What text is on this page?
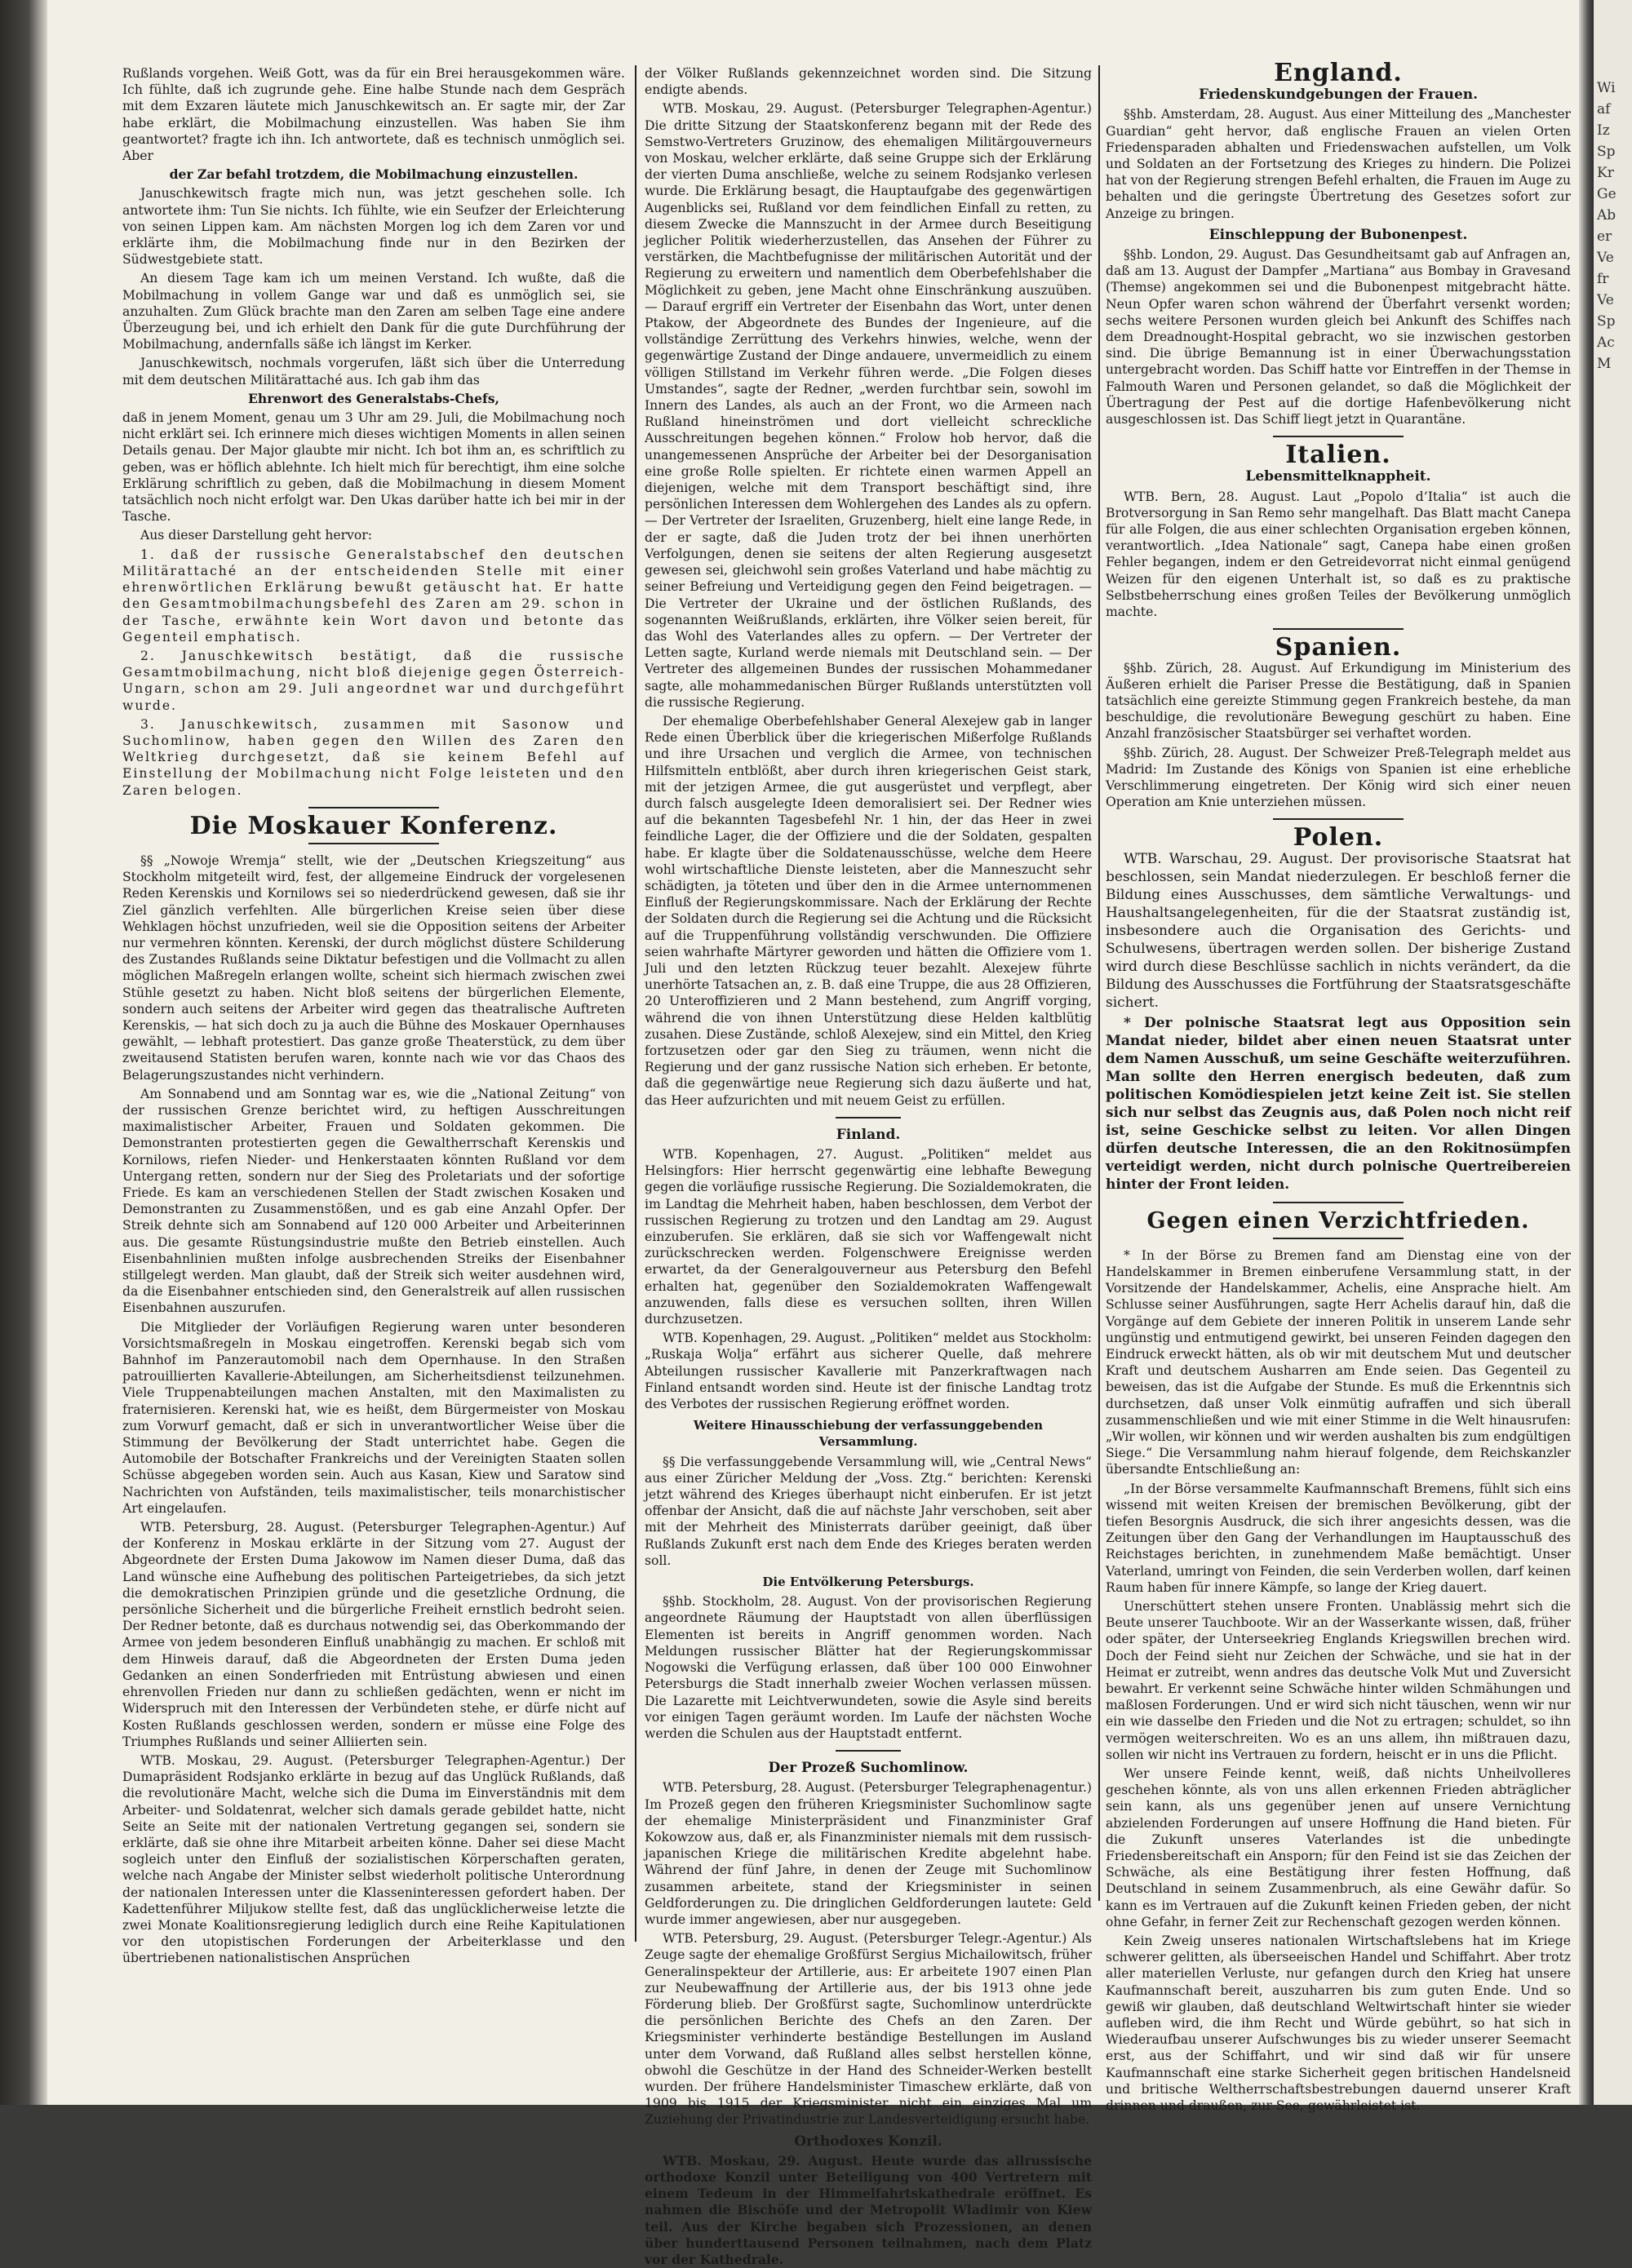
Rußlands vorgehen. Weiß Gott, was da für ein Brei herausgekommen wäre. Ich fühlte, daß ich zugrunde gehe. Eine halbe Stunde nach dem Gespräch mit dem Exzaren läutete mich Januschkewitsch an. Er sagte mir, der Zar habe erklärt, die Mobilmachung einzustellen. Was haben Sie ihm geantwortet? fragte ich ihn. Ich antwortete, daß es technisch unmöglich sei. Aber

der Zar befahl trotzdem, die Mobilmachung einzustellen.

Januschkewitsch fragte mich nun, was jetzt geschehen solle. Ich antwortete ihm: Tun Sie nichts. Ich fühlte, wie ein Seufzer der Erleichterung von seinen Lippen kam. Am nächsten Morgen log ich dem Zaren vor und erklärte ihm, die Mobilmachung finde nur in den Bezirken der Südwestgebiete statt.

An diesem Tage kam ich um meinen Verstand. Ich wußte, daß die Mobilmachung in vollem Gange war und daß es unmöglich sei, sie anzuhalten. Zum Glück brachte man den Zaren am selben Tage eine andere Überzeugung bei, und ich erhielt den Dank für die gute Durchführung der Mobilmachung, andernfalls säße ich längst im Kerker.

Januschkewitsch, nochmals vorgerufen, läßt sich über die Unterredung mit dem deutschen Militärattaché aus. Ich gab ihm das

Ehrenwort des Generalstabs-Chefs,

daß in jenem Moment, genau um 3 Uhr am 29. Juli, die Mobilmachung noch nicht erklärt sei. Ich erinnere mich dieses wichtigen Moments in allen seinen Details genau. Der Major glaubte mir nicht. Ich bot ihm an, es schriftlich zu geben, was er höflich ablehnte. Ich hielt mich für berechtigt, ihm eine solche Erklärung schriftlich zu geben, daß die Mobilmachung in diesem Moment tatsächlich noch nicht erfolgt war. Den Ukas darüber hatte ich bei mir in der Tasche.

Aus dieser Darstellung geht hervor:

1. daß der russische Generalstabschef den deutschen Militärattaché an der entscheidenden Stelle mit einer ehrenwörtlichen Erklärung bewußt getäuscht hat. Er hatte den Gesamtmobilmachungsbefehl des Zaren am 29. schon in der Tasche, erwähnte kein Wort davon und betonte das Gegenteil emphatisch.

2. Januschkewitsch bestätigt, daß die russische Gesamtmobilmachung, nicht bloß diejenige gegen Österreich-Ungarn, schon am 29. Juli angeordnet war und durchgeführt wurde.

3. Januschkewitsch, zusammen mit Sasonow und Suchomlinow, haben gegen den Willen des Zaren den Weltkrieg durchgesetzt, daß sie keinem Befehl auf Einstellung der Mobilmachung nicht Folge leisteten und den Zaren belogen.

Die Moskauer Konferenz.

§§ „Nowoje Wremja“ stellt, wie der „Deutschen Kriegszeitung“ aus Stockholm mitgeteilt wird, fest, der allgemeine Eindruck der vorgelesenen Reden Kerenskis und Kornilows sei so niederdrückend gewesen, daß sie ihr Ziel gänzlich verfehlten. Alle bürgerlichen Kreise seien über diese Wehklagen höchst unzufrieden, weil sie die Opposition seitens der Arbeiter nur vermehren könnten. Kerenski, der durch möglichst düstere Schilderung des Zustandes Rußlands seine Diktatur befestigen und die Vollmacht zu allen möglichen Maßregeln erlangen wollte, scheint sich hiermach zwischen zwei Stühle gesetzt zu haben. Nicht bloß seitens der bürgerlichen Elemente, sondern auch seitens der Arbeiter wird gegen das theatralische Auftreten Kerenskis, — hat sich doch zu ja auch die Bühne des Moskauer Opernhauses gewählt, — lebhaft protestiert. Das ganze große Theaterstück, zu dem über zweitausend Statisten berufen waren, konnte nach wie vor das Chaos des Belagerungszustandes nicht verhindern.

Am Sonnabend und am Sonntag war es, wie die „National Zeitung“ von der russischen Grenze berichtet wird, zu heftigen Ausschreitungen maximalistischer Arbeiter, Frauen und Soldaten gekommen. Die Demonstranten protestierten gegen die Gewaltherrschaft Kerenskis und Kornilows, riefen Nieder- und Henkerstaaten könnten Rußland vor dem Untergang retten, sondern nur der Sieg des Proletariats und der sofortige Friede. Es kam an verschiedenen Stellen der Stadt zwischen Kosaken und Demonstranten zu Zusammenstößen, und es gab eine Anzahl Opfer. Der Streik dehnte sich am Sonnabend auf 120 000 Arbeiter und Arbeiterinnen aus. Die gesamte Rüstungsindustrie mußte den Betrieb einstellen. Auch Eisenbahnlinien mußten infolge ausbrechenden Streiks der Eisenbahner stillgelegt werden. Man glaubt, daß der Streik sich weiter ausdehnen wird, da die Eisenbahner entschieden sind, den Generalstreik auf allen russischen Eisenbahnen auszurufen.

Die Mitglieder der Vorläufigen Regierung waren unter besonderen Vorsichtsmaßregeln in Moskau eingetroffen. Kerenski begab sich vom Bahnhof im Panzerautomobil nach dem Opernhause. In den Straßen patrouillierten Kavallerie-Abteilungen, am Sicherheitsdienst teilzunehmen. Viele Truppenabteilungen machen Anstalten, mit den Maximalisten zu fraternisieren. Kerenski hat, wie es heißt, dem Bürgermeister von Moskau zum Vorwurf gemacht, daß er sich in unverantwortlicher Weise über die Stimmung der Bevölkerung der Stadt unterrichtet habe. Gegen die Automobile der Botschafter Frankreichs und der Vereinigten Staaten sollen Schüsse abgegeben worden sein. Auch aus Kasan, Kiew und Saratow sind Nachrichten von Aufständen, teils maximalistischer, teils monarchistischer Art eingelaufen.

WTB. Petersburg, 28. August. (Petersburger Telegraphen-Agentur.) Auf der Konferenz in Moskau erklärte in der Sitzung vom 27. August der Abgeordnete der Ersten Duma Jakowow im Namen dieser Duma, daß das Land wünsche eine Aufhebung des politischen Parteigetriebes, da sich jetzt die demokratischen Prinzipien gründe und die gesetzliche Ordnung, die persönliche Sicherheit und die bürgerliche Freiheit ernstlich bedroht seien. Der Redner betonte, daß es durchaus notwendig sei, das Oberkommando der Armee von jedem besonderen Einfluß unabhängig zu machen. Er schloß mit dem Hinweis darauf, daß die Abgeordneten der Ersten Duma jeden Gedanken an einen Sonderfrieden mit Entrüstung abwiesen und einen ehrenvollen Frieden nur dann zu schließen gedächten, wenn er nicht im Widerspruch mit den Interessen der Verbündeten stehe, er dürfe nicht auf Kosten Rußlands geschlossen werden, sondern er müsse eine Folge des Triumphes Rußlands und seiner Alliierten sein.

WTB. Moskau, 29. August. (Petersburger Telegraphen-Agentur.) Der Dumapräsident Rodsjanko erklärte in bezug auf das Unglück Rußlands, daß die revolutionäre Macht, welche sich die Duma im Einverständnis mit dem Arbeiter- und Soldatenrat, welcher sich damals gerade gebildet hatte, nicht Seite an Seite mit der nationalen Vertretung gegangen sei, sondern sie erklärte, daß sie ohne ihre Mitarbeit arbeiten könne. Daher sei diese Macht sogleich unter den Einfluß der sozialistischen Körperschaften geraten, welche nach Angabe der Minister selbst wiederholt politische Unterordnung der nationalen Interessen unter die Klasseninteressen gefordert haben. Der Kadettenführer Miljukow stellte fest, daß das unglücklicherweise letzte die zwei Monate Koalitionsregierung lediglich durch eine Reihe Kapitulationen vor den utopistischen Forderungen der Arbeiterklasse und den übertriebenen nationalistischen Ansprüchen

der Völker Rußlands gekennzeichnet worden sind. Die Sitzung endigte abends.

WTB. Moskau, 29. August. (Petersburger Telegraphen-Agentur.) Die dritte Sitzung der Staatskonferenz begann mit der Rede des Semstwo-Vertreters Gruzinow, des ehemaligen Militärgouverneurs von Moskau, welcher erklärte, daß seine Gruppe sich der Erklärung der vierten Duma anschließe, welche zu seinem Rodsjanko verlesen wurde. Die Erklärung besagt, die Hauptaufgabe des gegenwärtigen Augenblicks sei, Rußland vor dem feindlichen Einfall zu retten, zu diesem Zwecke die Mannszucht in der Armee durch Beseitigung jeglicher Politik wiederherzustellen, das Ansehen der Führer zu verstärken, die Machtbefugnisse der militärischen Autorität und der Regierung zu erweitern und namentlich dem Oberbefehlshaber die Möglichkeit zu geben, jene Macht ohne Einschränkung auszuüben. — Darauf ergriff ein Vertreter der Eisenbahn das Wort, unter denen Ptakow, der Abgeordnete des Bundes der Ingenieure, auf die vollständige Zerrüttung des Verkehrs hinwies, welche, wenn der gegenwärtige Zustand der Dinge andauere, unvermeidlich zu einem völligen Stillstand im Verkehr führen werde. „Die Folgen dieses Umstandes“, sagte der Redner, „werden furchtbar sein, sowohl im Innern des Landes, als auch an der Front, wo die Armeen nach Rußland hineinströmen und dort vielleicht schreckliche Ausschreitungen begehen können.“ Frolow hob hervor, daß die unangemessenen Ansprüche der Arbeiter bei der Desorganisation eine große Rolle spielten. Er richtete einen warmen Appell an diejenigen, welche mit dem Transport beschäftigt sind, ihre persönlichen Interessen dem Wohlergehen des Landes als zu opfern. — Der Vertreter der Israeliten, Gruzenberg, hielt eine lange Rede, in der er sagte, daß die Juden trotz der bei ihnen unerhörten Verfolgungen, denen sie seitens der alten Regierung ausgesetzt gewesen sei, gleichwohl sein großes Vaterland und habe mächtig zu seiner Befreiung und Verteidigung gegen den Feind beigetragen. — Die Vertreter der Ukraine und der östlichen Rußlands, des sogenannten Weißrußlands, erklärten, ihre Völker seien bereit, für das Wohl des Vaterlandes alles zu opfern. — Der Vertreter der Letten sagte, Kurland werde niemals mit Deutschland sein. — Der Vertreter des allgemeinen Bundes der russischen Mohammedaner sagte, alle mohammedanischen Bürger Rußlands unterstützten voll die russische Regierung.

Der ehemalige Oberbefehlshaber General Alexejew gab in langer Rede einen Überblick über die kriegerischen Mißerfolge Rußlands und ihre Ursachen und verglich die Armee, von technischen Hilfsmitteln entblößt, aber durch ihren kriegerischen Geist stark, mit der jetzigen Armee, die gut ausgerüstet und verpflegt, aber durch falsch ausgelegte Ideen demoralisiert sei. Der Redner wies auf die bekannten Tagesbefehl Nr. 1 hin, der das Heer in zwei feindliche Lager, die der Offiziere und die der Soldaten, gespalten habe. Er klagte über die Soldatenausschüsse, welche dem Heere wohl wirtschaftliche Dienste leisteten, aber die Manneszucht sehr schädigten, ja töteten und über den in die Armee unternommenen Einfluß der Regierungskommissare. Nach der Erklärung der Rechte der Soldaten durch die Regierung sei die Achtung und die Rücksicht auf die Truppenführung vollständig verschwunden. Die Offiziere seien wahrhafte Märtyrer geworden und hätten die Offiziere vom 1. Juli und den letzten Rückzug teuer bezahlt. Alexejew führte unerhörte Tatsachen an, z. B. daß eine Truppe, die aus 28 Offizieren, 20 Unteroffizieren und 2 Mann bestehend, zum Angriff vorging, während die von ihnen Unterstützung diese Helden kaltblütig zusahen. Diese Zustände, schloß Alexejew, sind ein Mittel, den Krieg fortzusetzen oder gar den Sieg zu träumen, wenn nicht die Regierung und der ganz russische Nation sich erheben. Er betonte, daß die gegenwärtige neue Regierung sich dazu äußerte und hat, das Heer aufzurichten und mit neuem Geist zu erfüllen.

Finland.

WTB. Kopenhagen, 27. August. „Politiken“ meldet aus Helsingfors: Hier herrscht gegenwärtig eine lebhafte Bewegung gegen die vorläufige russische Regierung. Die Sozialdemokraten, die im Landtag die Mehrheit haben, haben beschlossen, dem Verbot der russischen Regierung zu trotzen und den Landtag am 29. August einzuberufen. Sie erklären, daß sie sich vor Waffengewalt nicht zurückschrecken werden. Folgenschwere Ereignisse werden erwartet, da der Generalgouverneur aus Petersburg den Befehl erhalten hat, gegenüber den Sozialdemokraten Waffengewalt anzuwenden, falls diese es versuchen sollten, ihren Willen durchzusetzen.

WTB. Kopenhagen, 29. August. „Politiken“ meldet aus Stockholm: „Ruskaja Wolja“ erfährt aus sicherer Quelle, daß mehrere Abteilungen russischer Kavallerie mit Panzerkraftwagen nach Finland entsandt worden sind. Heute ist der finische Landtag trotz des Verbotes der russischen Regierung eröffnet worden.

Weitere Hinausschiebung der verfassunggebenden Versammlung.

§§ Die verfassunggebende Versammlung will, wie „Central News“ aus einer Züricher Meldung der „Voss. Ztg.“ berichten: Kerenski jetzt während des Krieges überhaupt nicht einberufen. Er ist jetzt offenbar der Ansicht, daß die auf nächste Jahr verschoben, seit aber mit der Mehrheit des Ministerrats darüber geeinigt, daß über Rußlands Zukunft erst nach dem Ende des Krieges beraten werden soll.

Die Entvölkerung Petersburgs.

§§hb. Stockholm, 28. August. Von der provisorischen Regierung angeordnete Räumung der Hauptstadt von allen überflüssigen Elementen ist bereits in Angriff genommen worden. Nach Meldungen russischer Blätter hat der Regierungskommissar Nogowski die Verfügung erlassen, daß über 100 000 Einwohner Petersburgs die Stadt innerhalb zweier Wochen verlassen müssen. Die Lazarette mit Leichtverwundeten, sowie die Asyle sind bereits vor einigen Tagen geräumt worden. Im Laufe der nächsten Woche werden die Schulen aus der Hauptstadt entfernt.

Der Prozeß Suchomlinow.

WTB. Petersburg, 28. August. (Petersburger Telegraphenagentur.) Im Prozeß gegen den früheren Kriegsminister Suchomlinow sagte der ehemalige Ministerpräsident und Finanzminister Graf Kokowzow aus, daß er, als Finanzminister niemals mit dem russisch-japanischen Kriege die militärischen Kredite abgelehnt habe. Während der fünf Jahre, in denen der Zeuge mit Suchomlinow zusammen arbeitete, stand der Kriegsminister in seinen Geldforderungen zu. Die dringlichen Geldforderungen lautete: Geld wurde immer angewiesen, aber nur ausgegeben.

WTB. Petersburg, 29. August. (Petersburger Telegr.-Agentur.) Als Zeuge sagte der ehemalige Großfürst Sergius Michailowitsch, früher Generalinspekteur der Artillerie, aus: Er arbeitete 1907 einen Plan zur Neubewaffnung der Artillerie aus, der bis 1913 ohne jede Förderung blieb. Der Großfürst sagte, Suchomlinow unterdrückte die persönlichen Berichte des Chefs an den Zaren. Der Kriegsminister verhinderte beständige Bestellungen im Ausland unter dem Vorwand, daß Rußland alles selbst herstellen könne, obwohl die Geschütze in der Hand des Schneider-Werken bestellt wurden. Der frühere Handelsminister Timaschew erklärte, daß von 1909 bis 1915 der Kriegsminister nicht ein einziges Mal um Zuziehung der Privatindustrie zur Landesverteidigung ersucht habe.

Orthodoxes Konzil.

WTB. Moskau, 29. August. Heute wurde das allrussische orthodoxe Konzil unter Beteiligung von 400 Vertretern mit einem Tedeum in der Himmelfahrtskathedrale eröffnet. Es nahmen die Bischöfe und der Metropolit Wladimir von Kiew teil. Aus der Kirche begaben sich Prozessionen, an denen über hunderttausend Personen teilnahmen, nach dem Platz vor der Kathedrale.

England.
Friedenskundgebungen der Frauen.

§§hb. Amsterdam, 28. August. Aus einer Mitteilung des „Manchester Guardian“ geht hervor, daß englische Frauen an vielen Orten Friedensparaden abhalten und Friedenswachen aufstellen, um Volk und Soldaten an der Fortsetzung des Krieges zu hindern. Die Polizei hat von der Regierung strengen Befehl erhalten, die Frauen im Auge zu behalten und die geringste Übertretung des Gesetzes sofort zur Anzeige zu bringen.

Einschleppung der Bubonenpest.

§§hb. London, 29. August. Das Gesundheitsamt gab auf Anfragen an, daß am 13. August der Dampfer „Martiana“ aus Bombay in Gravesand (Themse) angekommen sei und die Bubonenpest mitgebracht hätte. Neun Opfer waren schon während der Überfahrt versenkt worden; sechs weitere Personen wurden gleich bei Ankunft des Schiffes nach dem Dreadnought-Hospital gebracht, wo sie inzwischen gestorben sind. Die übrige Bemannung ist in einer Überwachungsstation untergebracht worden. Das Schiff hatte vor Eintreffen in der Themse in Falmouth Waren und Personen gelandet, so daß die Möglichkeit der Übertragung der Pest auf die dortige Hafenbevölkerung nicht ausgeschlossen ist. Das Schiff liegt jetzt in Quarantäne.

Italien.
Lebensmittelknappheit.

WTB. Bern, 28. August. Laut „Popolo d’Italia“ ist auch die Brotversorgung in San Remo sehr mangelhaft. Das Blatt macht Canepa für alle Folgen, die aus einer schlechten Organisation ergeben können, verantwortlich. „Idea Nationale“ sagt, Canepa habe einen großen Fehler begangen, indem er den Getreidevorrat nicht einmal genügend Weizen für den eigenen Unterhalt ist, so daß es zu praktische Selbstbeherrschung eines großen Teiles der Bevölkerung unmöglich machte.

Spanien.

§§hb. Zürich, 28. August. Auf Erkundigung im Ministerium des Äußeren erhielt die Pariser Presse die Bestätigung, daß in Spanien tatsächlich eine gereizte Stimmung gegen Frankreich bestehe, da man beschuldige, die revolutionäre Bewegung geschürt zu haben. Eine Anzahl französischer Staatsbürger sei verhaftet worden.

§§hb. Zürich, 28. August. Der Schweizer Preß-Telegraph meldet aus Madrid: Im Zustande des Königs von Spanien ist eine erhebliche Verschlimmerung eingetreten. Der König wird sich einer neuen Operation am Knie unterziehen müssen.

Polen.

WTB. Warschau, 29. August. Der provisorische Staatsrat hat beschlossen, sein Mandat niederzulegen. Er beschloß ferner die Bildung eines Ausschusses, dem sämtliche Verwaltungs- und Haushaltsangelegenheiten, für die der Staatsrat zuständig ist, insbesondere auch die Organisation des Gerichts- und Schulwesens, übertragen werden sollen. Der bisherige Zustand wird durch diese Beschlüsse sachlich in nichts verändert, da die Bildung des Ausschusses die Fortführung der Staatsratsgeschäfte sichert.

* Der polnische Staatsrat legt aus Opposition sein Mandat nieder, bildet aber einen neuen Staatsrat unter dem Namen Ausschuß, um seine Geschäfte weiterzuführen. Man sollte den Herren energisch bedeuten, daß zum politischen Komödiespielen jetzt keine Zeit ist. Sie stellen sich nur selbst das Zeugnis aus, daß Polen noch nicht reif ist, seine Geschicke selbst zu leiten. Vor allen Dingen dürfen deutsche Interessen, die an den Rokitnosümpfen verteidigt werden, nicht durch polnische Quertreibereien hinter der Front leiden.

Gegen einen Verzichtfrieden.

* In der Börse zu Bremen fand am Dienstag eine von der Handelskammer in Bremen einberufene Versammlung statt, in der Vorsitzende der Handelskammer, Achelis, eine Ansprache hielt. Am Schlusse seiner Ausführungen, sagte Herr Achelis darauf hin, daß die Vorgänge auf dem Gebiete der inneren Politik in unserem Lande sehr ungünstig und entmutigend gewirkt, bei unseren Feinden dagegen den Eindruck erweckt hätten, als ob wir mit deutschem Mut und deutscher Kraft und deutschem Ausharren am Ende seien. Das Gegenteil zu beweisen, das ist die Aufgabe der Stunde. Es muß die Erkenntnis sich durchsetzen, daß unser Volk einmütig aufraffen und sich überall zusammenschließen und wie mit einer Stimme in die Welt hinausrufen: „Wir wollen, wir können und wir werden aushalten bis zum endgültigen Siege.“ Die Versammlung nahm hierauf folgende, dem Reichskanzler übersandte Entschließung an:

„In der Börse versammelte Kaufmannschaft Bremens, fühlt sich eins wissend mit weiten Kreisen der bremischen Bevölkerung, gibt der tiefen Besorgnis Ausdruck, die sich ihrer angesichts dessen, was die Zeitungen über den Gang der Verhandlungen im Hauptausschuß des Reichstages berichten, in zunehmendem Maße bemächtigt. Unser Vaterland, umringt von Feinden, die sein Verderben wollen, darf keinen Raum haben für innere Kämpfe, so lange der Krieg dauert.

Unerschüttert stehen unsere Fronten. Unablässig mehrt sich die Beute unserer Tauchboote. Wir an der Wasserkante wissen, daß, früher oder später, der Unterseekrieg Englands Kriegswillen brechen wird. Doch der Feind sieht nur Zeichen der Schwäche, und sie hat in der Heimat er zutreibt, wenn andres das deutsche Volk Mut und Zuversicht bewahrt. Er verkennt seine Schwäche hinter wilden Schmähungen und maßlosen Forderungen. Und er wird sich nicht täuschen, wenn wir nur ein wie dasselbe den Frieden und die Not zu ertragen; schuldet, so ihn vermögen weiterschreiten. Wo es an uns allem, ihn mißtrauen dazu, sollen wir nicht ins Vertrauen zu fordern, heischt er in uns die Pflicht.

Wer unsere Feinde kennt, weiß, daß nichts Unheilvolleres geschehen könnte, als von uns allen erkennen Frieden abträglicher sein kann, als uns gegenüber jenen auf unsere Vernichtung abzielenden Forderungen auf unsere Hoffnung die Hand bieten. Für die Zukunft unseres Vaterlandes ist die unbedingte Friedensbereitschaft ein Ansporn; für den Feind ist sie das Zeichen der Schwäche, als eine Bestätigung ihrer festen Hoffnung, daß Deutschland in seinem Zusammenbruch, als eine Gewähr dafür. So kann es im Vertrauen auf die Zukunft keinen Frieden geben, der nicht ohne Gefahr, in ferner Zeit zur Rechenschaft gezogen werden können.

Kein Zweig unseres nationalen Wirtschaftslebens hat im Kriege schwerer gelitten, als überseeischen Handel und Schiffahrt. Aber trotz aller materiellen Verluste, nur gefangen durch den Krieg hat unsere Kaufmannschaft bereit, auszuharren bis zum guten Ende. Und so gewiß wir glauben, daß deutschland Weltwirtschaft hinter sie wieder aufleben wird, die ihm Recht und Würde gebührt, so hat sich in Wiederaufbau unserer Aufschwunges bis zu wieder unserer Seemacht erst, aus der Schiffahrt, und wir sind daß wir für unsere Kaufmannschaft eine starke Sicherheit gegen britischen Handelsneid und britische Weltherrschaftsbestrebungen dauernd unserer Kraft drinnen und draußen, zur See, gewährleistet ist.

Wi
af
Iz
Sp
Kr
Ge
Ab
er
Ve
fr
Ve
Sp
Ac
M
